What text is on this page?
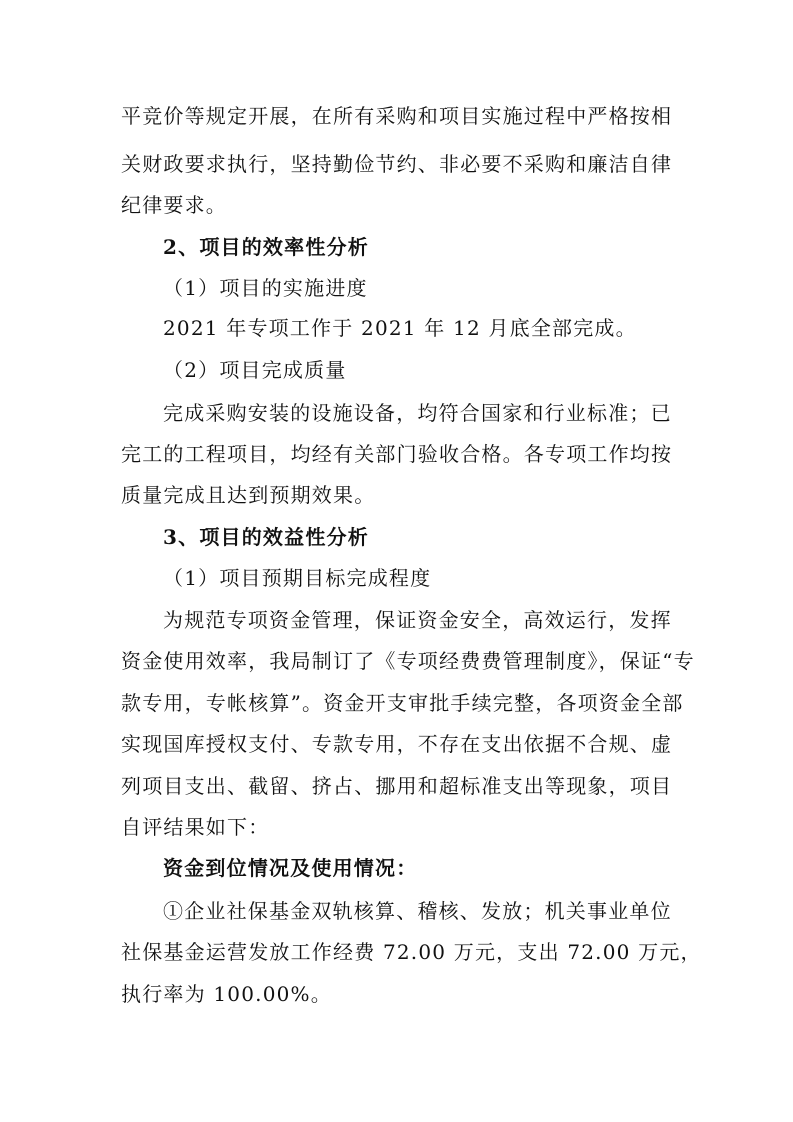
平竞价等规定开展，在所有采购和项目实施过程中严格按相
关财政要求执行，坚持勤俭节约、非必要不采购和廉洁自律
纪律要求。
2、项目的效率性分析
（1）项目的实施进度
2021 年专项工作于 2021 年 12 月底全部完成。
（2）项目完成质量
完成采购安装的设施设备，均符合国家和行业标准；已
完工的工程项目，均经有关部门验收合格。各专项工作均按
质量完成且达到预期效果。
3、项目的效益性分析
（1）项目预期目标完成程度
为规范专项资金管理，保证资金安全，高效运行，发挥
资金使用效率，我局制订了《专项经费费管理制度》，保证“专
款专用，专帐核算”。资金开支审批手续完整，各项资金全部
实现国库授权支付、专款专用，不存在支出依据不合规、虚
列项目支出、截留、挤占、挪用和超标准支出等现象，项目
自评结果如下：
资金到位情况及使用情况：
①企业社保基金双轨核算、稽核、发放；机关事业单位
社保基金运营发放工作经费 72.00 万元，支出 72.00 万元，
执行率为 100.00%。
